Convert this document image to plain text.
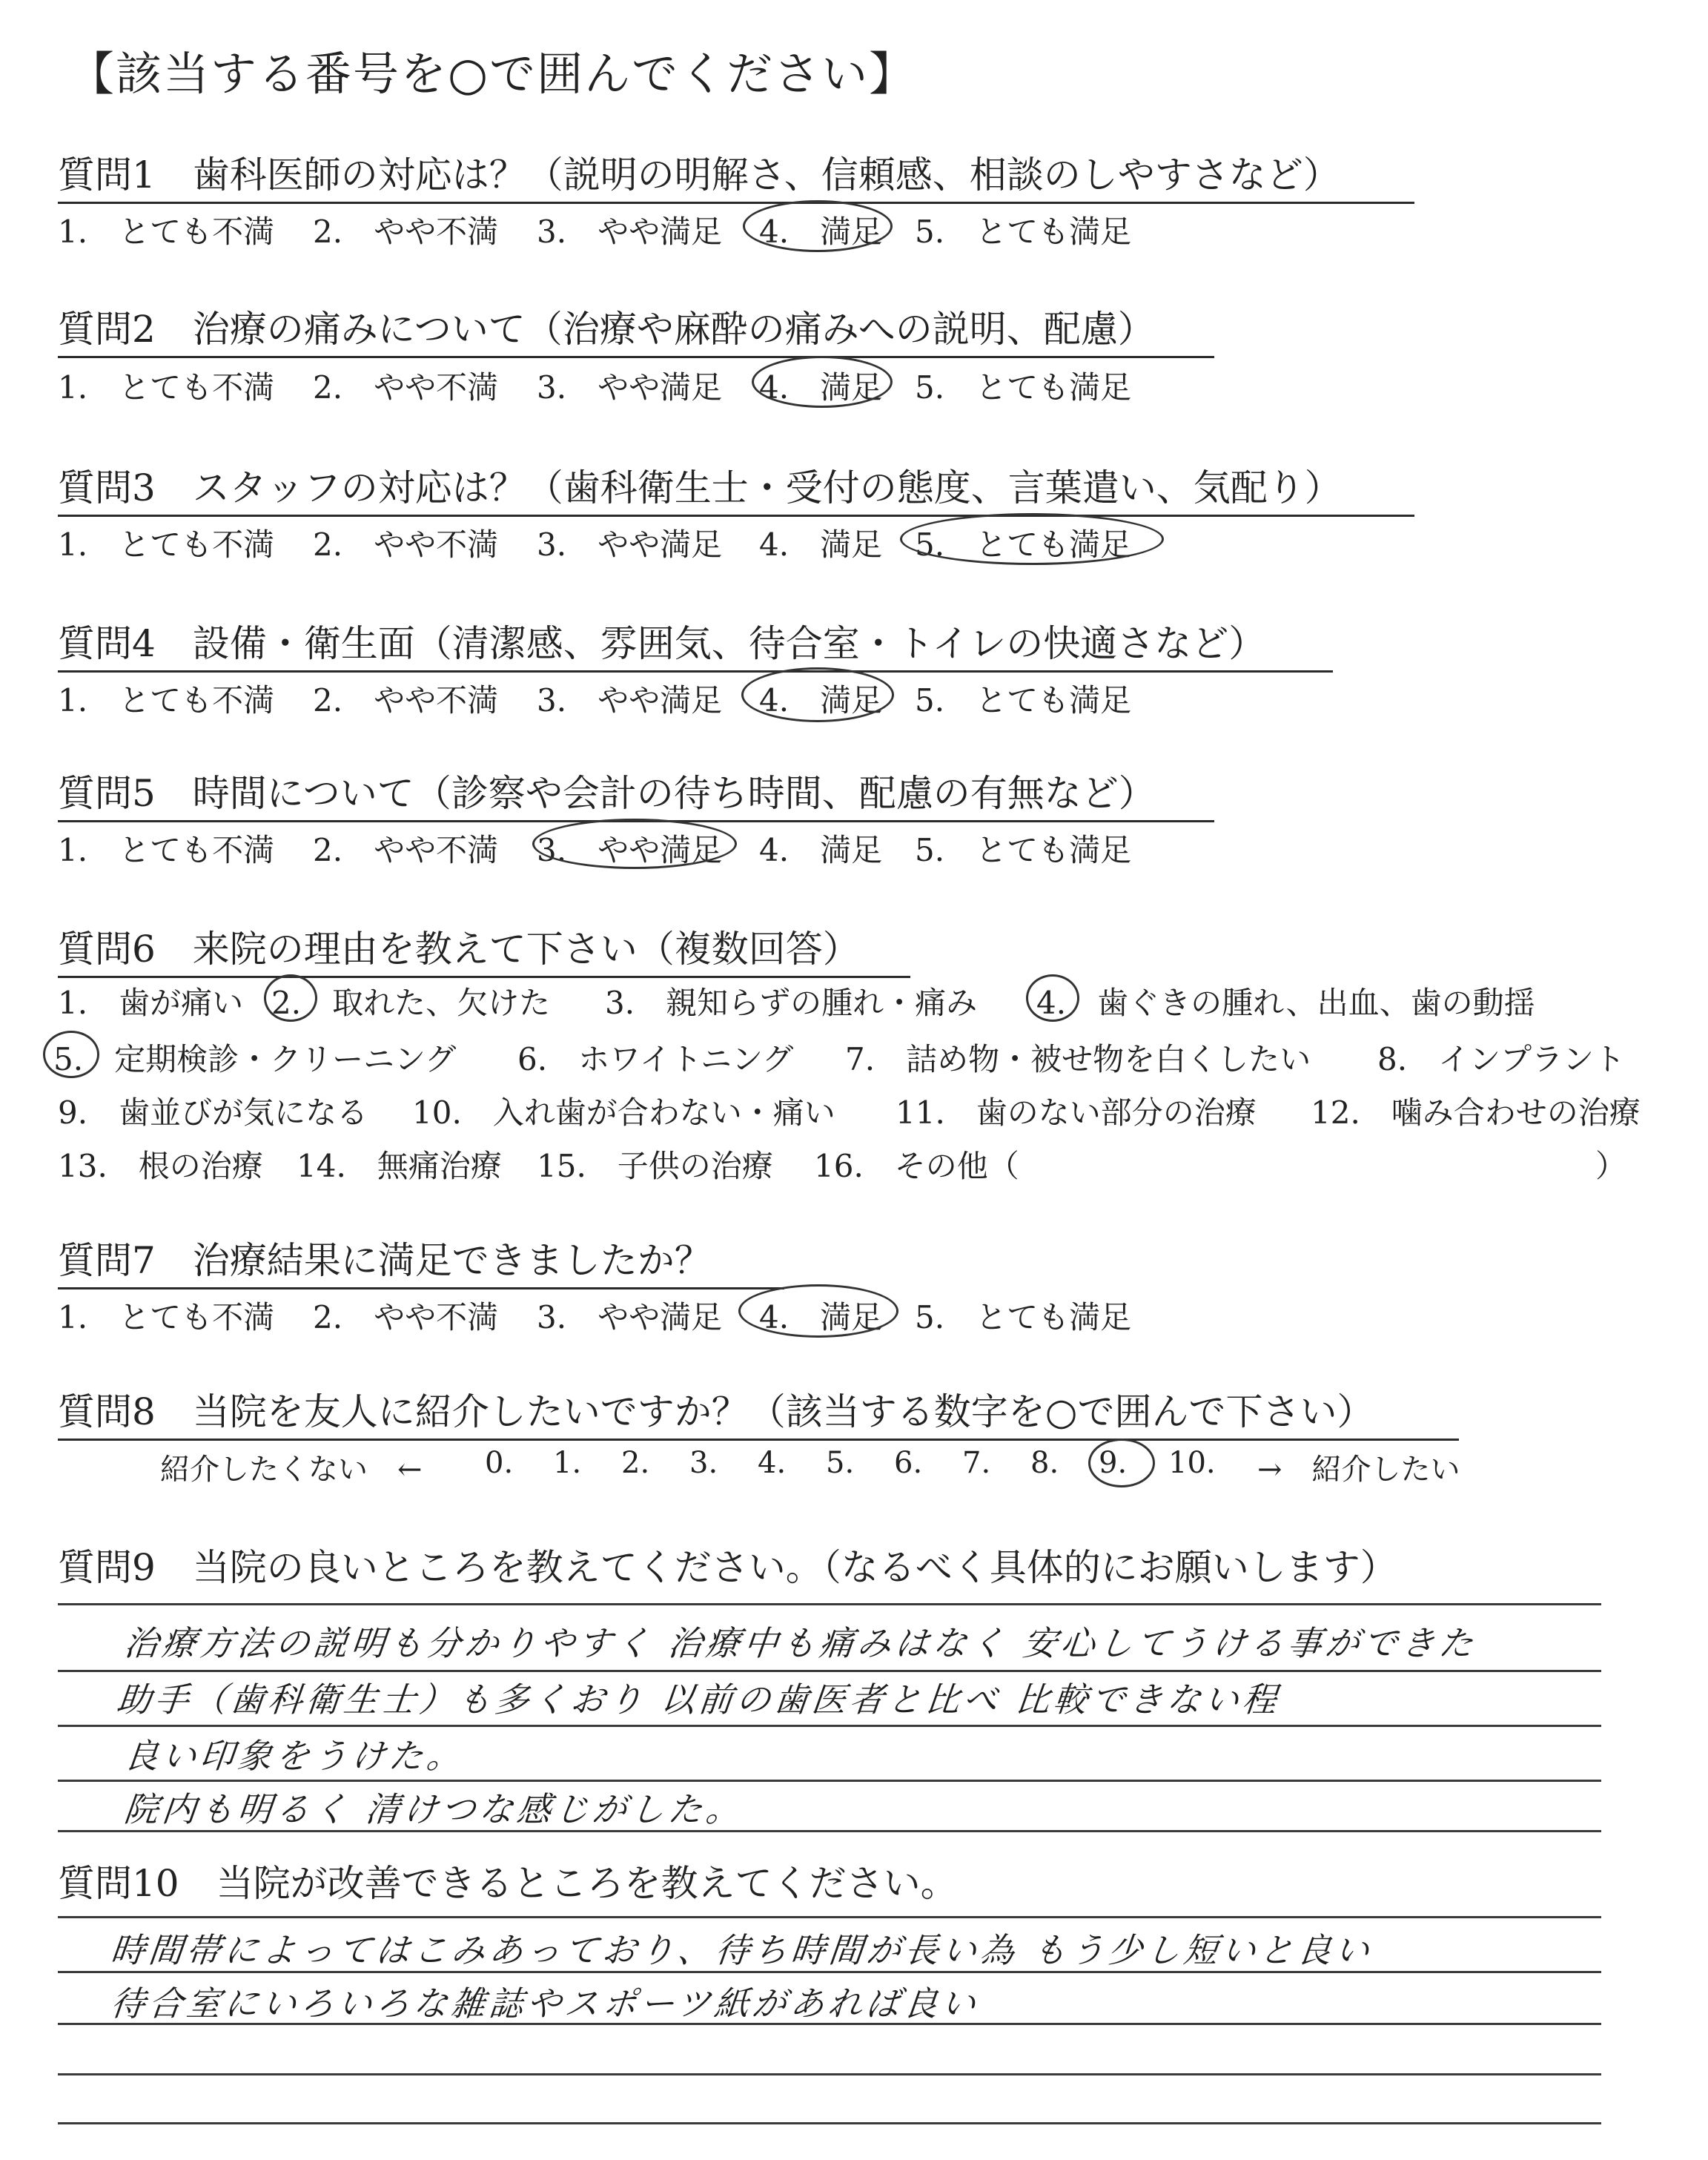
【該当する番号を○で囲んでください】
質問1　歯科医師の対応は？（説明の明解さ、信頼感、相談のしやすさなど）
1.　とても不満 2.　やや不満 3.　やや満足 4.　満足 5.　とても満足
質問2　治療の痛みについて（治療や麻酔の痛みへの説明、配慮）
1.　とても不満 2.　やや不満 3.　やや満足 4.　満足 5.　とても満足
質問3　スタッフの対応は？（歯科衛生士・受付の態度、言葉遣い、気配り）
1.　とても不満 2.　やや不満 3.　やや満足 4.　満足 5.　とても満足
質問4　設備・衛生面（清潔感、雰囲気、待合室・トイレの快適さなど）
1.　とても不満 2.　やや不満 3.　やや満足 4.　満足 5.　とても満足
質問5　時間について（診察や会計の待ち時間、配慮の有無など）
1.　とても不満 2.　やや不満 3.　やや満足 4.　満足 5.　とても満足
質問6　来院の理由を教えて下さい（複数回答）
1.　歯が痛い 2.　取れた、欠けた 3.　親知らずの腫れ・痛み 4.　歯ぐきの腫れ、出血、歯の動揺
5.　定期検診・クリーニング 6.　ホワイトニング 7.　詰め物・被せ物を白くしたい 8.　インプラント
9.　歯並びが気になる 10.　入れ歯が合わない・痛い 11.　歯のない部分の治療 12.　噛み合わせの治療
13.　根の治療 14.　無痛治療 15.　子供の治療 16.　その他（	）
質問7　治療結果に満足できましたか？
1.　とても不満 2.　やや不満 3.　やや満足 4.　満足 5.　とても満足
質問8　当院を友人に紹介したいですか？（該当する数字を○で囲んで下さい）
紹介したくない　← 0. 1. 2. 3. 4. 5. 6. 7. 8. 9. 10. →　紹介したい
質問9　当院の良いところを教えてください。（なるべく具体的にお願いします）
治療方法の説明も分かりやすく 治療中も痛みはなく 安心してうける事ができた
助手（歯科衛生士）も多くおり 以前の歯医者と比べ 比較できない程
良い印象をうけた。
院内も明るく 清けつな感じがした。
質問10　当院が改善できるところを教えてください。
時間帯によってはこみあっており、待ち時間が長い為 もう少し短いと良い
待合室にいろいろな雑誌やスポーツ紙があれば良い
